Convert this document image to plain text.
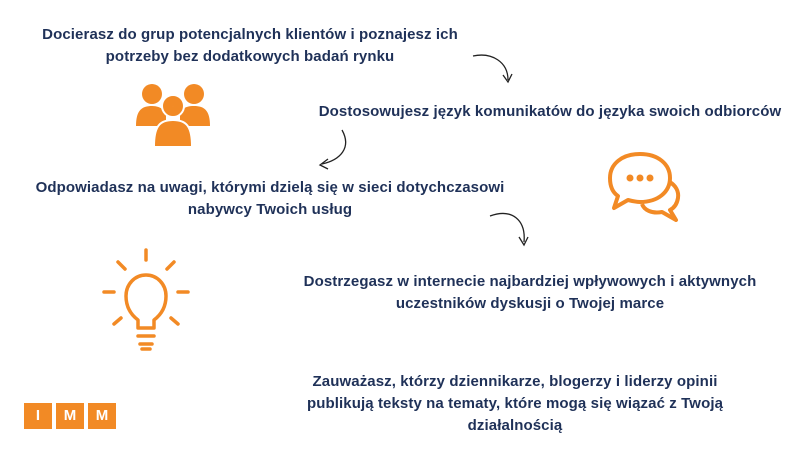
Docierasz do grup potencjalnych klientów i poznajesz ich potrzeby bez dodatkowych badań rynku
Dostosowujesz język komunikatów do języka swoich odbiorców
Odpowiadasz na uwagi, którymi dzielą się w sieci dotychczasowi nabywcy Twoich usług
Dostrzegasz w internecie najbardziej wpływowych i aktywnych uczestników dyskusji o Twojej marce
Zauważasz, którzy dziennikarze, blogerzy i liderzy opinii publikują teksty na tematy, które mogą się wiązać z Twoją działalnością
I	M	M
